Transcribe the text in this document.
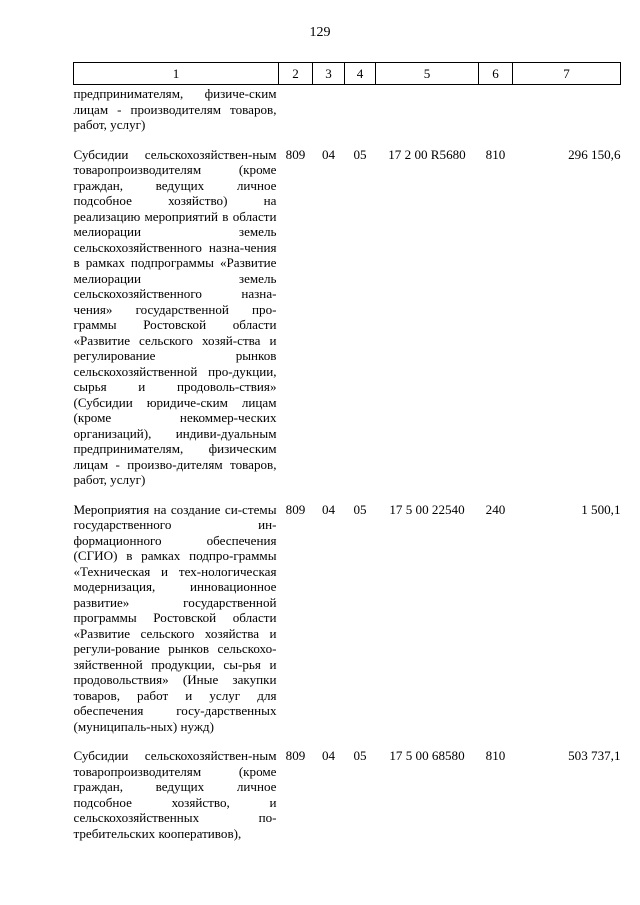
129
1	2	3	4	5	6	7
предпринимателям, физиче-ским лицам - производителям товаров, работ, услуг)						
Субсидии сельскохозяйствен-ным товаропроизводителям (кроме граждан, ведущих личное подсобное хозяйство) на реализацию мероприятий в области мелиорации земель сельскохозяйственного назна-чения в рамках подпрограммы «Развитие мелиорации земель сельскохозяйственного назна-чения» государственной про-граммы Ростовской области «Развитие сельского хозяй-ства и регулирование рынков сельскохозяйственной про-дукции, сырья и продоволь-ствия» (Субсидии юридиче-ским лицам (кроме некоммер-ческих организаций), индиви-дуальным предпринимателям, физическим лицам - произво-дителям товаров, работ, услуг)	809	04	05	17 2 00 R5680	810	296 150,6
Мероприятия на создание си-стемы государственного ин-формационного обеспечения (СГИО) в рамках подпро-граммы «Техническая и тех-нологическая модернизация, инновационное развитие» государственной программы Ростовской области «Развитие сельского хозяйства и регули-рование рынков сельскохо-зяйственной продукции, сы-рья и продовольствия» (Иные закупки товаров, работ и услуг для обеспечения госу-дарственных (муниципаль-ных) нужд)	809	04	05	17 5 00 22540	240	1 500,1
Субсидии сельскохозяйствен-ным товаропроизводителям (кроме граждан, ведущих личное подсобное хозяйство, и сельскохозяйственных по-требительских кооперативов),	809	04	05	17 5 00 68580	810	503 737,1
